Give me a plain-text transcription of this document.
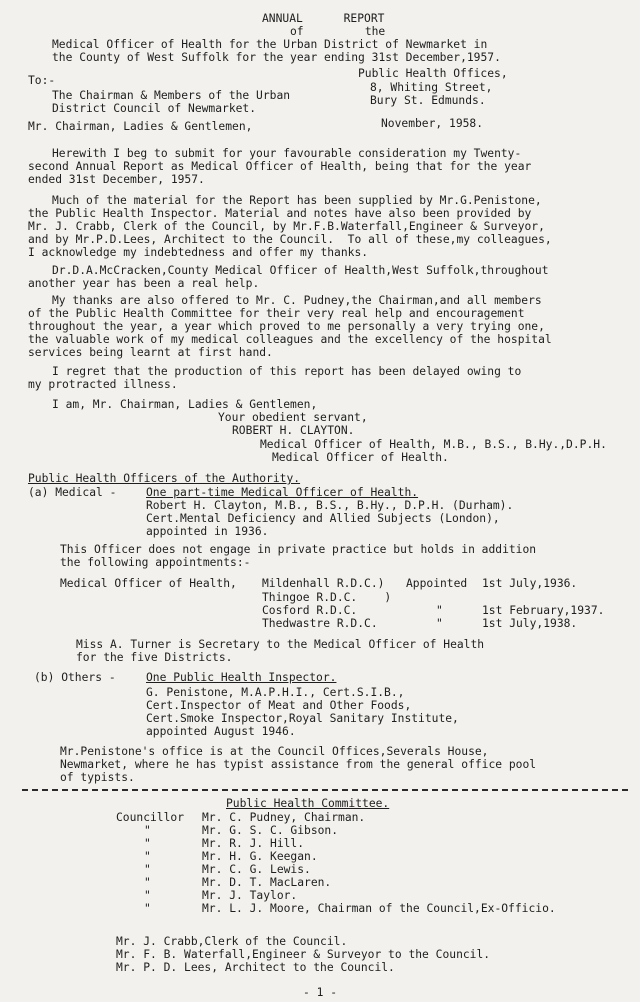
ANNUAL      REPORT
of         the
Medical Officer of Health for the Urban District of Newmarket in
the County of West Suffolk for the year ending 31st December,1957.
To:-
Public Health Offices,
The Chairman & Members of the Urban
8, Whiting Street,
Bury St. Edmunds.
District Council of Newmarket.
Mr. Chairman, Ladies & Gentlemen,	November, 1958.
Herewith I beg to submit for your favourable consideration my Twenty-
second Annual Report as Medical Officer of Health, being that for the year
ended 31st December, 1957.
Much of the material for the Report has been supplied by Mr.G.Penistone,
the Public Health Inspector. Material and notes have also been provided by
Mr. J. Crabb, Clerk of the Council, by Mr.F.B.Waterfall,Engineer & Surveyor,
and by Mr.P.D.Lees, Architect to the Council.  To all of these,my colleagues,
I acknowledge my indebtedness and offer my thanks.
Dr.D.A.McCracken,County Medical Officer of Health,West Suffolk,throughout
another year has been a real help.
My thanks are also offered to Mr. C. Pudney,the Chairman,and all members
of the Public Health Committee for their very real help and encouragement
throughout the year, a year which proved to me personally a very trying one,
the valuable work of my medical colleagues and the excellency of the hospital
services being learnt at first hand.
I regret that the production of this report has been delayed owing to
my protracted illness.
I am, Mr. Chairman, Ladies & Gentlemen,
Your obedient servant,
ROBERT H. CLAYTON.
Medical Officer of Health, M.B., B.S., B.Hy.,D.P.H.
Medical Officer of Health.
Public Health Officers of the Authority.
(a) Medical -	One part-time Medical Officer of Health.
Robert H. Clayton, M.B., B.S., B.Hy., D.P.H. (Durham).
Cert.Mental Deficiency and Allied Subjects (London),
appointed in 1936.
This Officer does not engage in private practice but holds in addition
the following appointments:-
Medical Officer of Health, Mildenhall R.D.C.) Appointed 1st July,1936.
Thingoe R.D.C.    )
Cosford R.D.C.	"	1st February,1937.
Thedwastre R.D.C.	"	1st July,1938.
Miss A. Turner is Secretary to the Medical Officer of Health
for the five Districts.
(b) Others -	One Public Health Inspector.
G. Penistone, M.A.P.H.I., Cert.S.I.B.,
Cert.Inspector of Meat and Other Foods,
Cert.Smoke Inspector,Royal Sanitary Institute,
appointed August 1946.
Mr.Penistone's office is at the Council Offices,Severals House,
Newmarket, where he has typist assistance from the general office pool
of typists.
Public Health Committee.
Councillor Mr. C. Pudney, Chairman.
"	Mr. G. S. C. Gibson.
"	Mr. R. J. Hill.
"	Mr. H. G. Keegan.
"	Mr. C. G. Lewis.
"	Mr. D. T. MacLaren.
"	Mr. J. Taylor.
"	Mr. L. J. Moore, Chairman of the Council,Ex-Officio.
Mr. J. Crabb,Clerk of the Council.
Mr. F. B. Waterfall,Engineer & Surveyor to the Council.
Mr. P. D. Lees, Architect to the Council.
- 1 -
